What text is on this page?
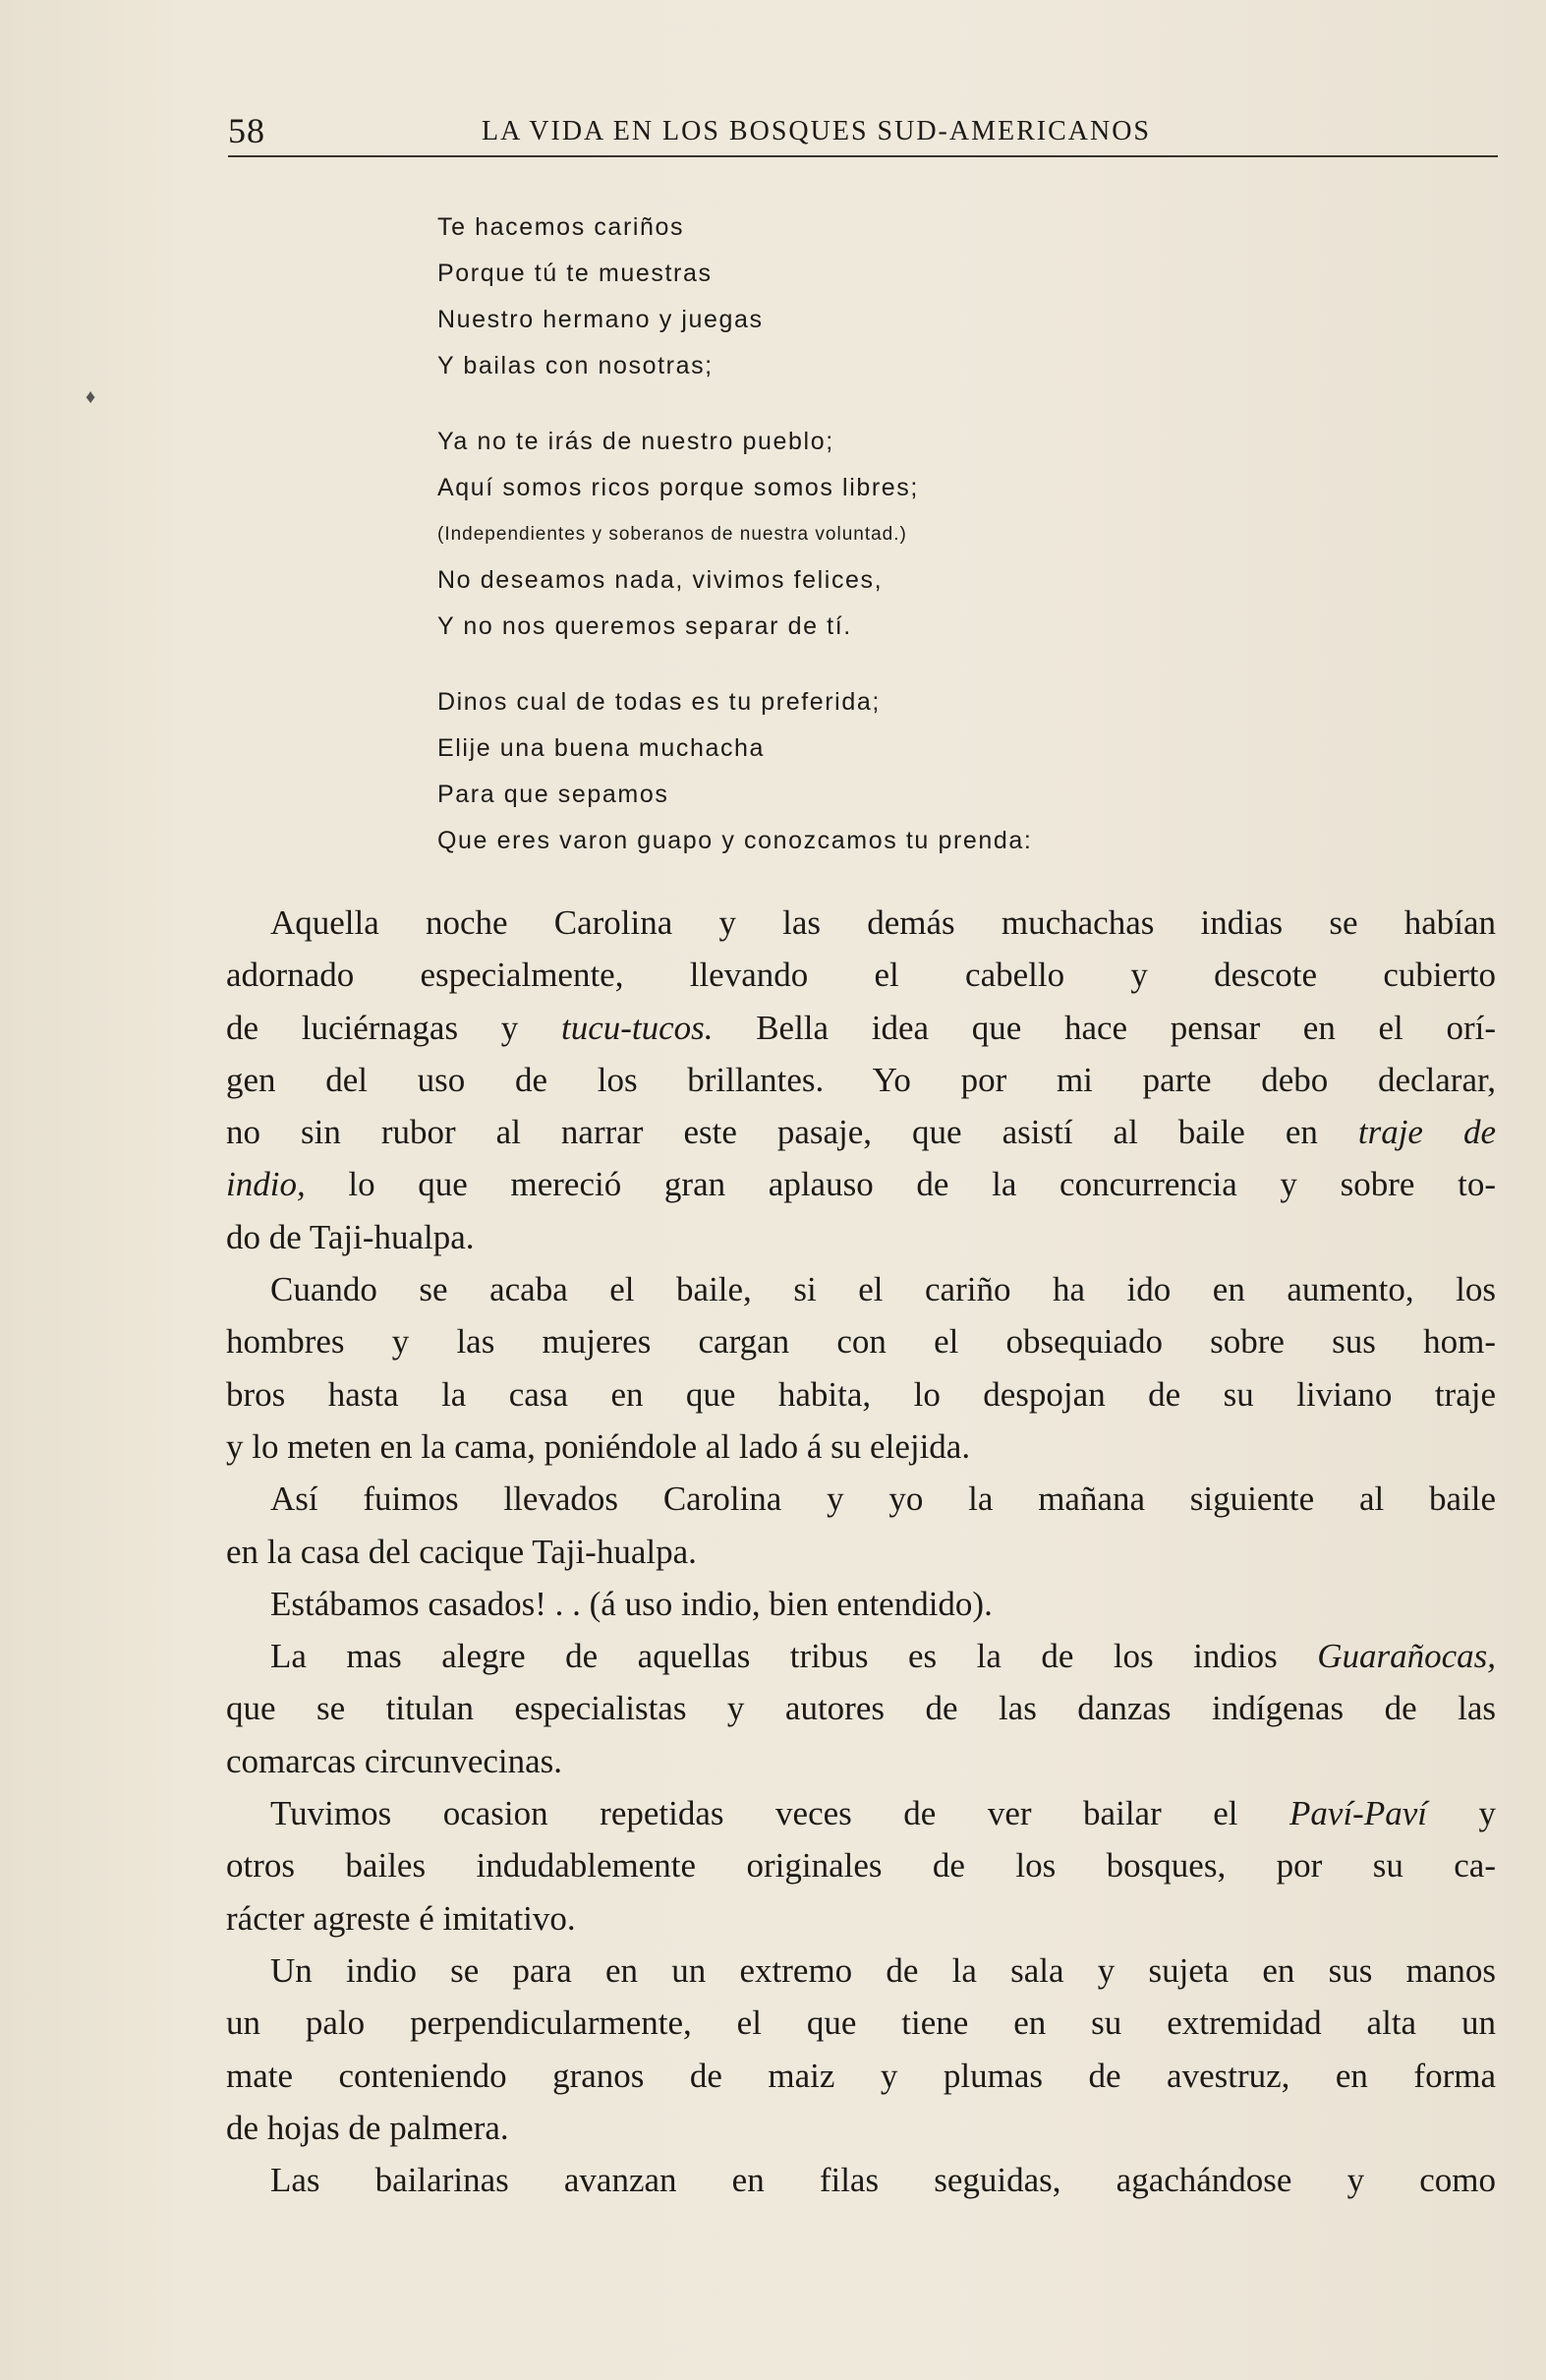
♦
58	LA VIDA EN LOS BOSQUES SUD-AMERICANOS
Te hacemos cariños
Porque tú te muestras
Nuestro hermano y juegas
Y bailas con nosotras;
Ya no te irás de nuestro pueblo;
Aquí somos ricos porque somos libres;
(Independientes y soberanos de nuestra voluntad.)
No deseamos nada, vivimos felices,
Y no nos queremos separar de tí.
Dinos cual de todas es tu preferida;
Elije una buena muchacha
Para que sepamos
Que eres varon guapo y conozcamos tu prenda:
Aquella noche Carolina y las demás muchachas indias se habían
adornado especialmente, llevando el cabello y descote cubierto
de luciérnagas y tucu-tucos. Bella idea que hace pensar en el orí-
gen del uso de los brillantes. Yo por mi parte debo declarar,
no sin rubor al narrar este pasaje, que asistí al baile en traje de
indio, lo que mereció gran aplauso de la concurrencia y sobre to-
do de Taji-hualpa.
Cuando se acaba el baile, si el cariño ha ido en aumento, los
hombres y las mujeres cargan con el obsequiado sobre sus hom-
bros hasta la casa en que habita, lo despojan de su liviano traje
y lo meten en la cama, poniéndole al lado á su elejida.
Así fuimos llevados Carolina y yo la mañana siguiente al baile
en la casa del cacique Taji-hualpa.
Estábamos casados! . . (á uso indio, bien entendido).
La mas alegre de aquellas tribus es la de los indios Guarañocas,
que se titulan especialistas y autores de las danzas indígenas de las
comarcas circunvecinas.
Tuvimos ocasion repetidas veces de ver bailar el Paví-Paví y
otros bailes indudablemente originales de los bosques, por su ca-
rácter agreste é imitativo.
Un indio se para en un extremo de la sala y sujeta en sus manos
un palo perpendicularmente, el que tiene en su extremidad alta un
mate conteniendo granos de maiz y plumas de avestruz, en forma
de hojas de palmera.
Las bailarinas avanzan en filas seguidas, agachándose y como
